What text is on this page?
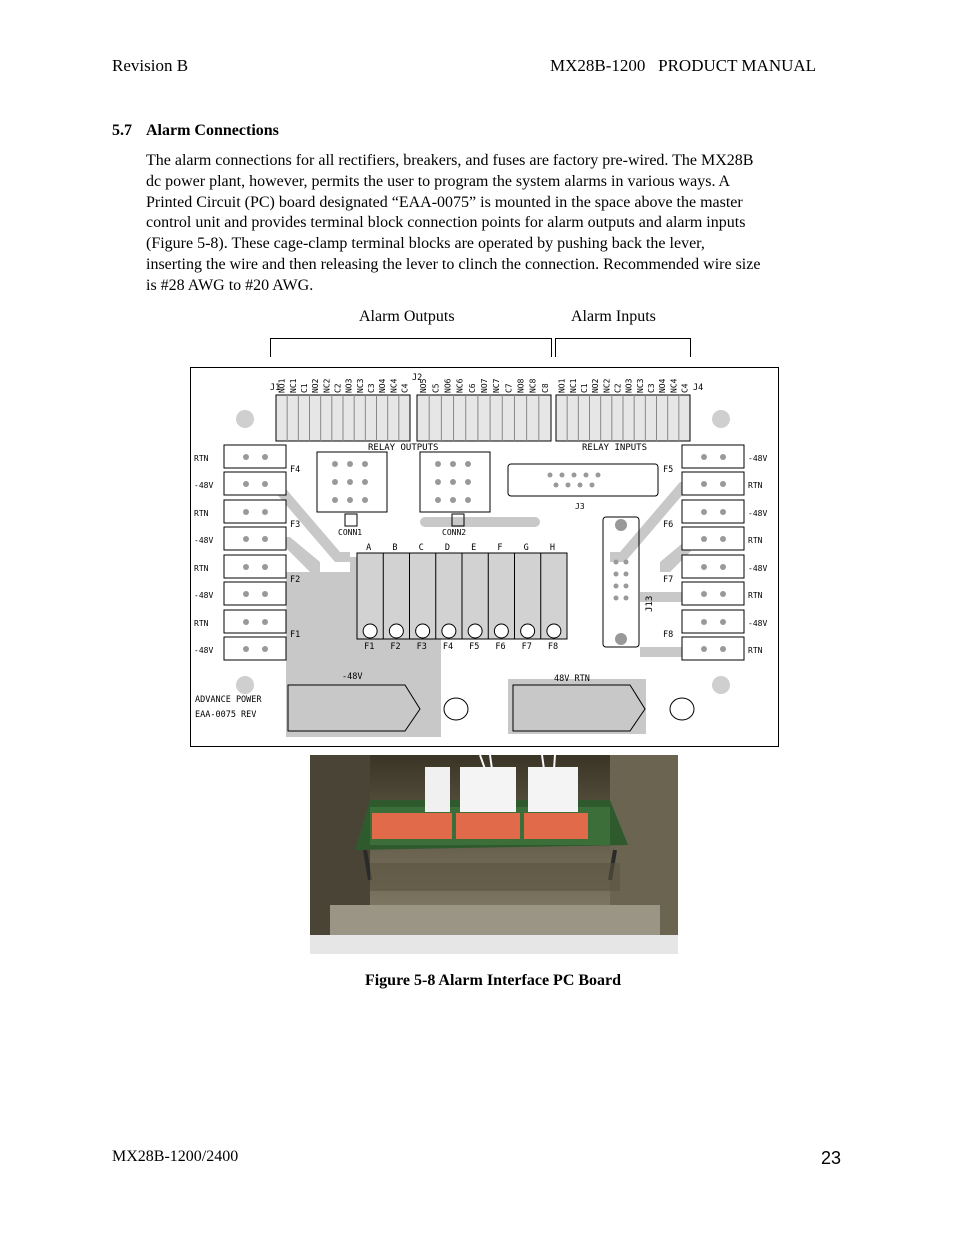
Revision B	MX28B-1200   PRODUCT MANUAL
5.7 Alarm Connections
The alarm connections for all rectifiers, breakers, and fuses are factory pre-wired. The MX28B
dc power plant, however, permits the user to program the system alarms in various ways. A
Printed Circuit (PC) board designated “EAA-0075” is mounted in the space above the master
control unit and provides terminal block connection points for alarm outputs and alarm inputs
(Figure 5-8). These cage-clamp terminal blocks are operated by pushing back the lever,
inserting the wire and then releasing the lever to clinch the connection. Recommended wire size
is #28 AWG to #20 AWG.
Alarm Outputs	Alarm Inputs
J1
J2
J4
NO1 NC1 C1 NO2 NC2 C2 NO3 NC3 C3 NO4 NC4 C4 NO5 C5 NO6 NC6 C6 NO7 NC7 C7 NO8 NC8 C8 NO1 NC1 C1 NO2 NC2 C2 NO3 NC3 C3 NO4 NC4 C4
RELAY OUTPUTS	RELAY INPUTS
CONN1	CONN2
J3
J13
A
F1
B
F2
C
F3
D
F4
E
F5
F
F6
G
F7
H
F8
RTN
-48V
-48V
RTN
F4	F5
RTN
-48V
-48V
RTN
F3	F6
RTN
-48V
-48V
RTN
F2	F7
RTN
-48V
-48V
RTN
F1	F8
-48V	48V RTN
ADVANCE POWER
EAA-0075 REV
Figure 5-8 Alarm Interface PC Board
MX28B-1200/2400	23
